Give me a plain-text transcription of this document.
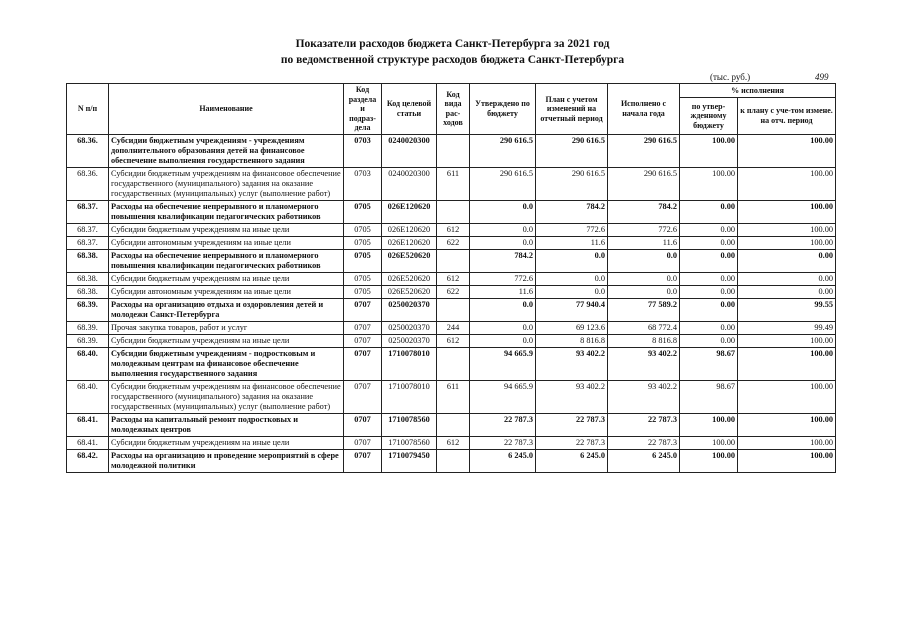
Показатели расходов бюджета Санкт-Петербурга за 2021 год
по ведомственной структуре расходов бюджета Санкт-Петербурга
(тыс. руб.)	499
N п/п	Наименование	Код раздела и подраз-дела	Код целевой статьи	Код вида рас-ходов	Утверждено по бюджету	План с учетом изменений на отчетный период	Исполнено с начала года	% исполнения	
								по утвер-жденному бюджету	к плану с уче-том измене. на отч. период
68.36.	Субсидии бюджетным учреждениям - учреждениям дополнительного образования детей на финансовое обеспечение выполнения государственного задания	0703	0240020300		290 616.5	290 616.5	290 616.5	100.00	100.00
68.36.	Субсидии бюджетным учреждениям на финансовое обеспечение государственного (муниципального) задания на оказание государственных (муниципальных) услуг (выполнение работ)	0703	0240020300	611	290 616.5	290 616.5	290 616.5	100.00	100.00
68.37.	Расходы на обеспечение непрерывного и планомерного повышения квалификации педагогических работников	0705	026E120620		0.0	784.2	784.2	0.00	100.00
68.37.	Субсидии бюджетным учреждениям на иные цели	0705	026E120620	612	0.0	772.6	772.6	0.00	100.00
68.37.	Субсидии автономным учреждениям на иные цели	0705	026E120620	622	0.0	11.6	11.6	0.00	100.00
68.38.	Расходы на обеспечение непрерывного и планомерного повышения квалификации педагогических работников	0705	026E520620		784.2	0.0	0.0	0.00	0.00
68.38.	Субсидии бюджетным учреждениям на иные цели	0705	026E520620	612	772.6	0.0	0.0	0.00	0.00
68.38.	Субсидии автономным учреждениям на иные цели	0705	026E520620	622	11.6	0.0	0.0	0.00	0.00
68.39.	Расходы на организацию отдыха и оздоровления детей и молодежи Санкт-Петербурга	0707	0250020370		0.0	77 940.4	77 589.2	0.00	99.55
68.39.	Прочая закупка товаров, работ и услуг	0707	0250020370	244	0.0	69 123.6	68 772.4	0.00	99.49
68.39.	Субсидии бюджетным учреждениям на иные цели	0707	0250020370	612	0.0	8 816.8	8 816.8	0.00	100.00
68.40.	Субсидии бюджетным учреждениям - подростковым и молодежным центрам на финансовое обеспечение выполнения государственного задания	0707	1710078010		94 665.9	93 402.2	93 402.2	98.67	100.00
68.40.	Субсидии бюджетным учреждениям на финансовое обеспечение государственного (муниципального) задания на оказание государственных (муниципальных) услуг (выполнение работ)	0707	1710078010	611	94 665.9	93 402.2	93 402.2	98.67	100.00
68.41.	Расходы на капитальный ремонт подростковых и молодежных центров	0707	1710078560		22 787.3	22 787.3	22 787.3	100.00	100.00
68.41.	Субсидии бюджетным учреждениям на иные цели	0707	1710078560	612	22 787.3	22 787.3	22 787.3	100.00	100.00
68.42.	Расходы на организацию и проведение мероприятий в сфере молодежной политики	0707	1710079450		6 245.0	6 245.0	6 245.0	100.00	100.00
